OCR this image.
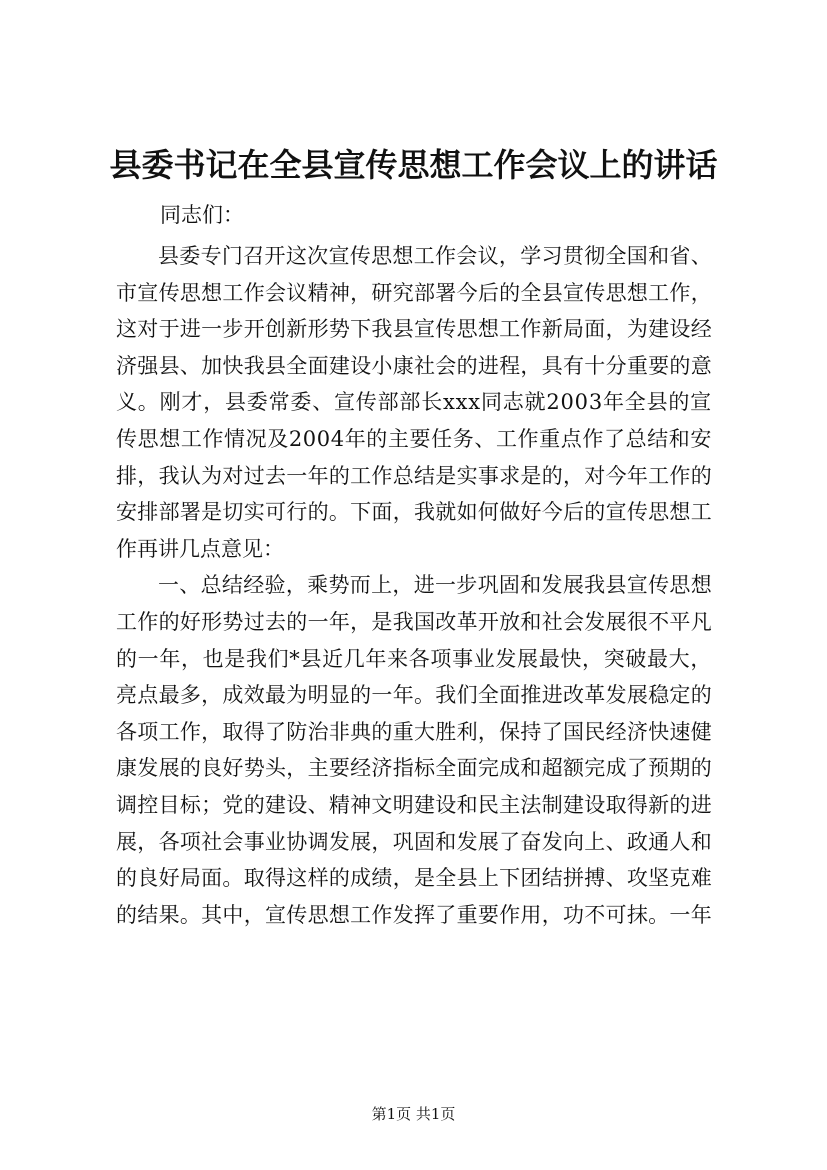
县委书记在全县宣传思想工作会议上的讲话
同志们：
县委专门召开这次宣传思想工作会议，学习贯彻全国和省、
市宣传思想工作会议精神，研究部署今后的全县宣传思想工作，
这对于进一步开创新形势下我县宣传思想工作新局面，为建设经
济强县、加快我县全面建设小康社会的进程，具有十分重要的意
义。刚才，县委常委、宣传部部长xxx同志就2003年全县的宣
传思想工作情况及2004年的主要任务、工作重点作了总结和安
排，我认为对过去一年的工作总结是实事求是的，对今年工作的
安排部署是切实可行的。下面，我就如何做好今后的宣传思想工
作再讲几点意见：
一、总结经验，乘势而上，进一步巩固和发展我县宣传思想
工作的好形势过去的一年，是我国改革开放和社会发展很不平凡
的一年，也是我们*县近几年来各项事业发展最快，突破最大，
亮点最多，成效最为明显的一年。我们全面推进改革发展稳定的
各项工作，取得了防治非典的重大胜利，保持了国民经济快速健
康发展的良好势头，主要经济指标全面完成和超额完成了预期的
调控目标；党的建设、精神文明建设和民主法制建设取得新的进
展，各项社会事业协调发展，巩固和发展了奋发向上、政通人和
的良好局面。取得这样的成绩，是全县上下团结拼搏、攻坚克难
的结果。其中，宣传思想工作发挥了重要作用，功不可抹。一年
第1页 共1页
